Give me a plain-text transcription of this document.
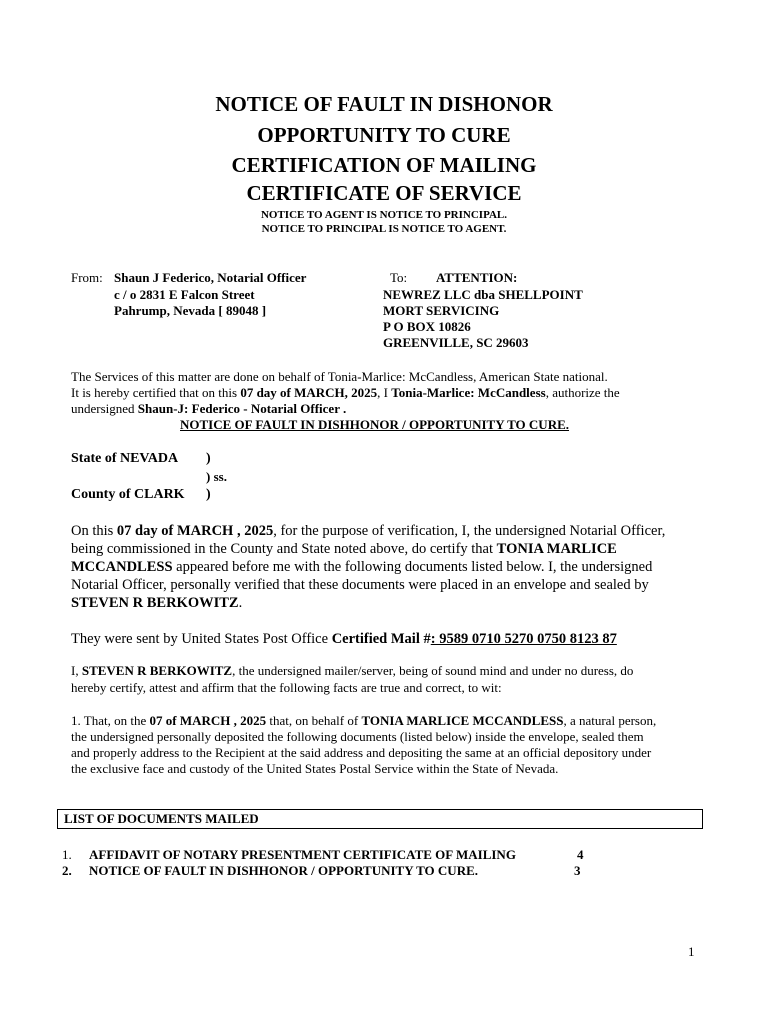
NOTICE OF FAULT IN DISHONOR
OPPORTUNITY TO CURE
CERTIFICATION OF MAILING
CERTIFICATE OF SERVICE
NOTICE TO AGENT IS NOTICE TO PRINCIPAL.
NOTICE TO PRINCIPAL IS NOTICE TO AGENT.
From: Shaun J Federico, Notarial Officer
c / o 2831 E Falcon Street
Pahrump, Nevada [ 89048 ]
To: ATTENTION:
NEWREZ LLC dba SHELLPOINT
MORT SERVICING
P O BOX 10826
GREENVILLE, SC 29603
The Services of this matter are done on behalf of Tonia-Marlice: McCandless, American State national.
It is hereby certified that on this 07 day of MARCH, 2025, I Tonia-Marlice: McCandless, authorize the
undersigned Shaun-J: Federico - Notarial Officer .
NOTICE OF FAULT IN DISHHONOR / OPPORTUNITY TO CURE.
State of NEVADA )
) ss.
County of CLARK )
On this 07 day of MARCH , 2025, for the purpose of verification, I, the undersigned Notarial Officer,
being commissioned in the County and State noted above, do certify that TONIA MARLICE
MCCANDLESS appeared before me with the following documents listed below. I, the undersigned
Notarial Officer, personally verified that these documents were placed in an envelope and sealed by
STEVEN R BERKOWITZ.
They were sent by United States Post Office Certified Mail #: 9589 0710 5270 0750 8123 87
I, STEVEN R BERKOWITZ, the undersigned mailer/server, being of sound mind and under no duress, do
hereby certify, attest and affirm that the following facts are true and correct, to wit:
1. That, on the 07 of MARCH , 2025 that, on behalf of TONIA MARLICE MCCANDLESS, a natural person,
the undersigned personally deposited the following documents (listed below) inside the envelope, sealed them
and properly address to the Recipient at the said address and depositing the same at an official depository under
the exclusive face and custody of the United States Postal Service within the State of Nevada.
LIST OF DOCUMENTS MAILED
1. AFFIDAVIT OF NOTARY PRESENTMENT CERTIFICATE OF MAILING	4
2. NOTICE OF FAULT IN DISHHONOR / OPPORTUNITY TO CURE.	3
1
